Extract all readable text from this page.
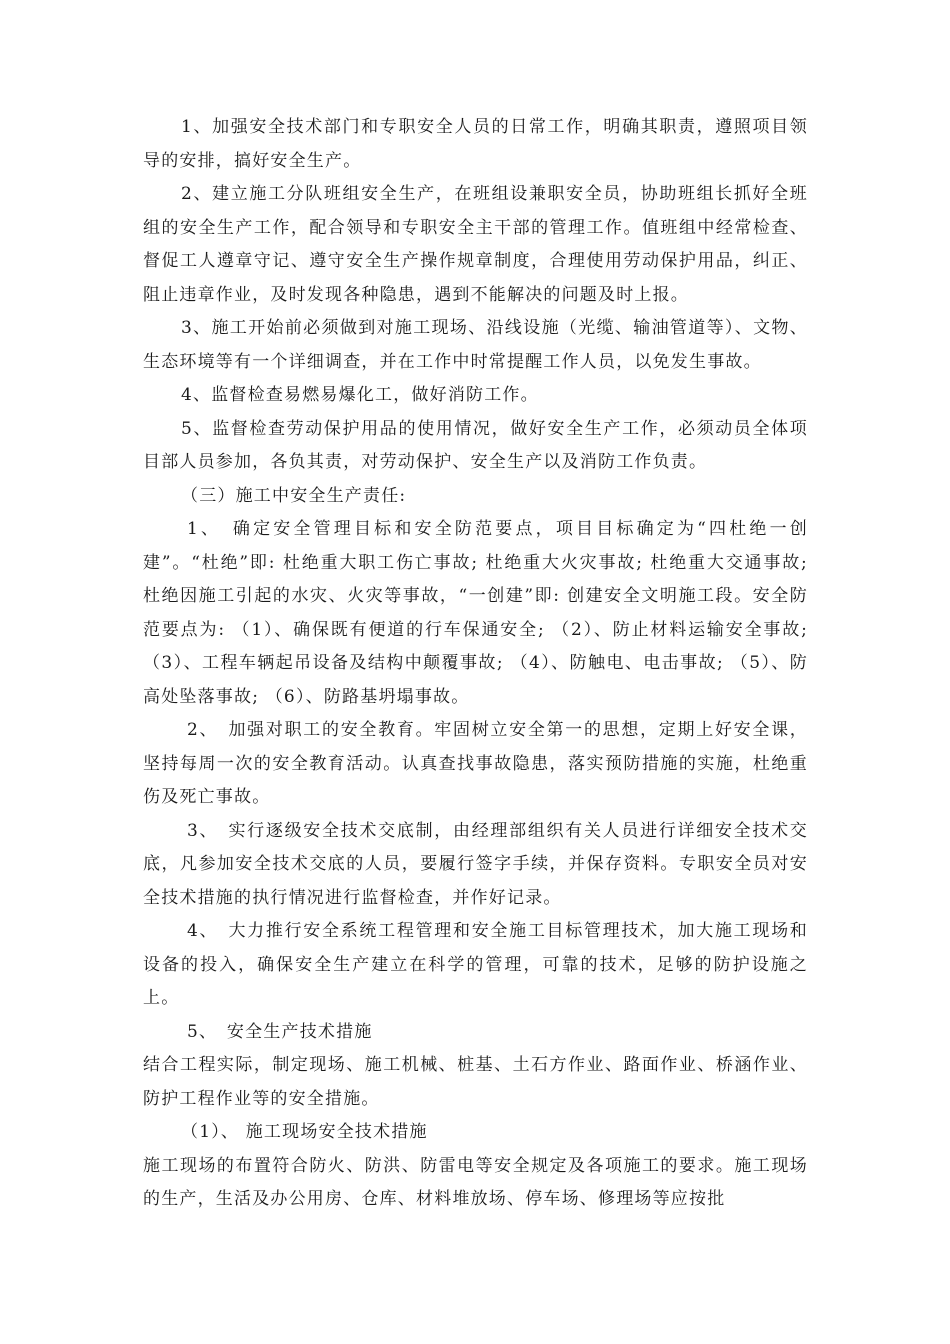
1、加强安全技术部门和专职安全人员的日常工作，明确其职责，遵照项目领导的安排，搞好安全生产。

2、建立施工分队班组安全生产，在班组设兼职安全员，协助班组长抓好全班组的安全生产工作，配合领导和专职安全主干部的管理工作。值班组中经常检查、督促工人遵章守记、遵守安全生产操作规章制度，合理使用劳动保护用品，纠正、阻止违章作业，及时发现各种隐患，遇到不能解决的问题及时上报。

3、施工开始前必须做到对施工现场、沿线设施（光缆、输油管道等）、文物、生态环境等有一个详细调查，并在工作中时常提醒工作人员，以免发生事故。

4、监督检查易燃易爆化工，做好消防工作。

5、监督检查劳动保护用品的使用情况，做好安全生产工作，必须动员全体项目部人员参加，各负其责，对劳动保护、安全生产以及消防工作负责。

（三）施工中安全生产责任:

1、　确定安全管理目标和安全防范要点，项目目标确定为“四杜绝一创建”。“杜绝”即: 杜绝重大职工伤亡事故; 杜绝重大火灾事故; 杜绝重大交通事故; 杜绝因施工引起的水灾、火灾等事故，“一创建”即: 创建安全文明施工段。安全防范要点为: （1）、确保既有便道的行车保通安全; （2）、防止材料运输安全事故; （3）、工程车辆起吊设备及结构中颠覆事故; （4）、防触电、电击事故; （5）、防高处坠落事故; （6）、防路基坍塌事故。

2、　加强对职工的安全教育。牢固树立安全第一的思想，定期上好安全课，坚持每周一次的安全教育活动。认真查找事故隐患，落实预防措施的实施，杜绝重伤及死亡事故。

3、　实行逐级安全技术交底制，由经理部组织有关人员进行详细安全技术交底，凡参加安全技术交底的人员，要履行签字手续，并保存资料。专职安全员对安全技术措施的执行情况进行监督检查，并作好记录。

4、　大力推行安全系统工程管理和安全施工目标管理技术，加大施工现场和设备的投入，确保安全生产建立在科学的管理，可靠的技术，足够的防护设施之上。

5、　安全生产技术措施

结合工程实际，制定现场、施工机械、桩基、土石方作业、路面作业、桥涵作业、防护工程作业等的安全措施。

（1）、 施工现场安全技术措施

施工现场的布置符合防火、防洪、防雷电等安全规定及各项施工的要求。施工现场的生产，生活及办公用房、仓库、材料堆放场、停车场、修理场等应按批
